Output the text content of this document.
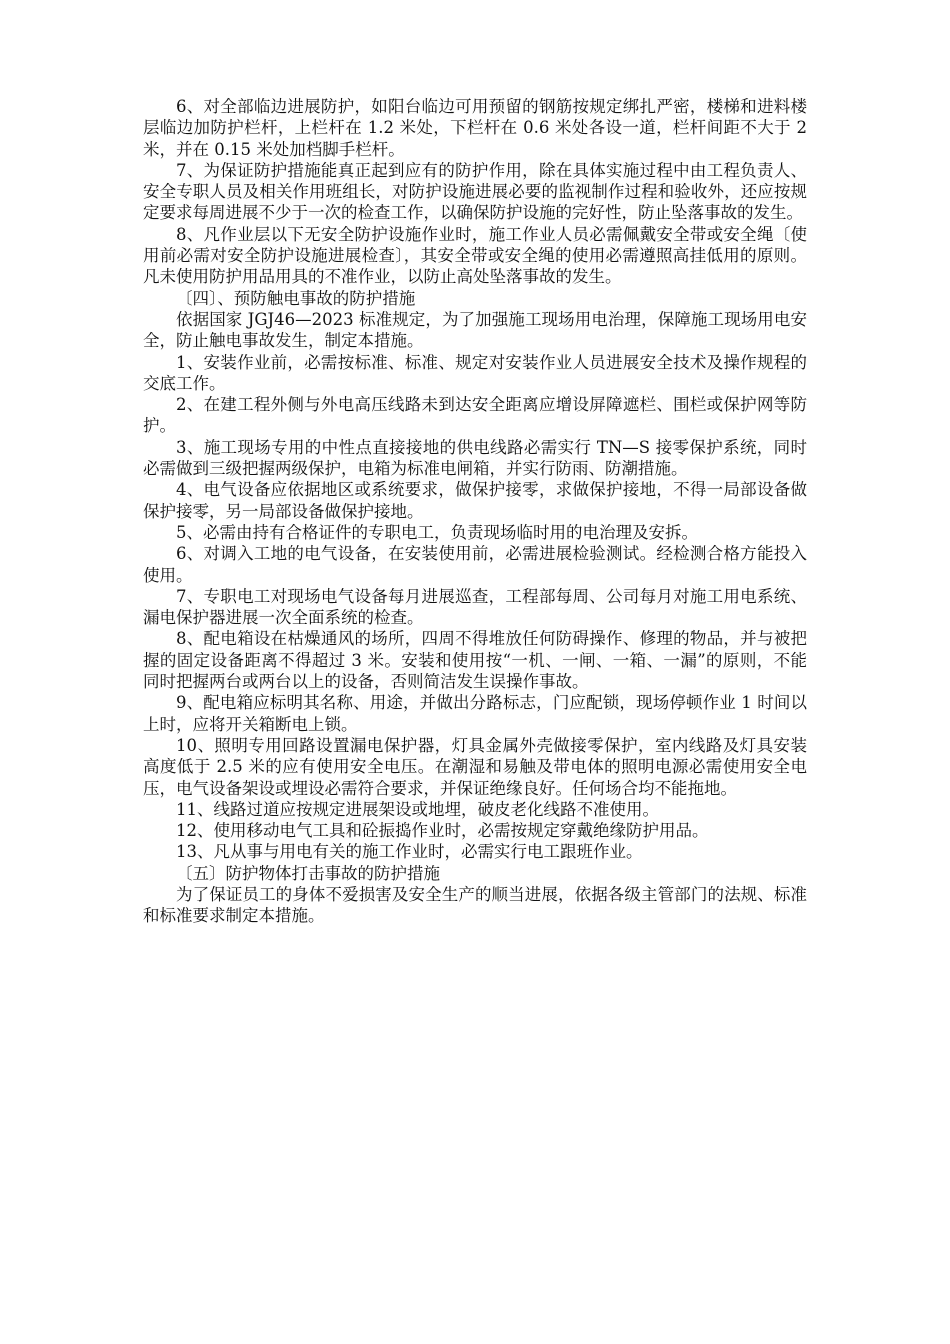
6、对全部临边进展防护，如阳台临边可用预留的钢筋按规定绑扎严密，楼梯和进料楼层临边加防护栏杆，上栏杆在 1.2 米处，下栏杆在 0.6 米处各设一道，栏杆间距不大于 2 米，并在 0.15 米处加档脚手栏杆。

7、为保证防护措施能真正起到应有的防护作用，除在具体实施过程中由工程负责人、安全专职人员及相关作用班组长，对防护设施进展必要的监视制作过程和验收外，还应按规定要求每周进展不少于一次的检查工作，以确保防护设施的完好性，防止坠落事故的发生。

8、凡作业层以下无安全防护设施作业时，施工作业人员必需佩戴安全带或安全绳〔使用前必需对安全防护设施进展检查〕，其安全带或安全绳的使用必需遵照高挂低用的原则。凡未使用防护用品用具的不准作业，以防止高处坠落事故的发生。

〔四〕、预防触电事故的防护措施

依据国家 JGJ46—2023 标准规定，为了加强施工现场用电治理，保障施工现场用电安全，防止触电事故发生，制定本措施。

1、安装作业前，必需按标准、标准、规定对安装作业人员进展安全技术及操作规程的交底工作。

2、在建工程外侧与外电高压线路未到达安全距离应增设屏障遮栏、围栏或保护网等防护。

3、施工现场专用的中性点直接接地的供电线路必需实行 TN—S 接零保护系统，同时必需做到三级把握两级保护，电箱为标准电闸箱，并实行防雨、防潮措施。

4、电气设备应依据地区或系统要求，做保护接零，求做保护接地，不得一局部设备做保护接零，另一局部设备做保护接地。

5、必需由持有合格证件的专职电工，负责现场临时用的电治理及安拆。

6、对调入工地的电气设备，在安装使用前，必需进展检验测试。经检测合格方能投入使用。

7、专职电工对现场电气设备每月进展巡查，工程部每周、公司每月对施工用电系统、漏电保护器进展一次全面系统的检查。

8、配电箱设在枯燥通风的场所，四周不得堆放任何防碍操作、修理的物品，并与被把握的固定设备距离不得超过 3 米。安装和使用按“一机、一闸、一箱、一漏”的原则，不能同时把握两台或两台以上的设备，否则简洁发生误操作事故。

9、配电箱应标明其名称、用途，并做出分路标志，门应配锁，现场停顿作业 1 时间以上时，应将开关箱断电上锁。

10、照明专用回路设置漏电保护器，灯具金属外壳做接零保护，室内线路及灯具安装高度低于 2.5 米的应有使用安全电压。在潮湿和易触及带电体的照明电源必需使用安全电压，电气设备架设或埋设必需符合要求，并保证绝缘良好。任何场合均不能拖地。

11、线路过道应按规定进展架设或地埋，破皮老化线路不准使用。

12、使用移动电气工具和砼振捣作业时，必需按规定穿戴绝缘防护用品。

13、凡从事与用电有关的施工作业时，必需实行电工跟班作业。

〔五〕防护物体打击事故的防护措施

为了保证员工的身体不爱损害及安全生产的顺当进展，依据各级主管部门的法规、标准和标准要求制定本措施。
